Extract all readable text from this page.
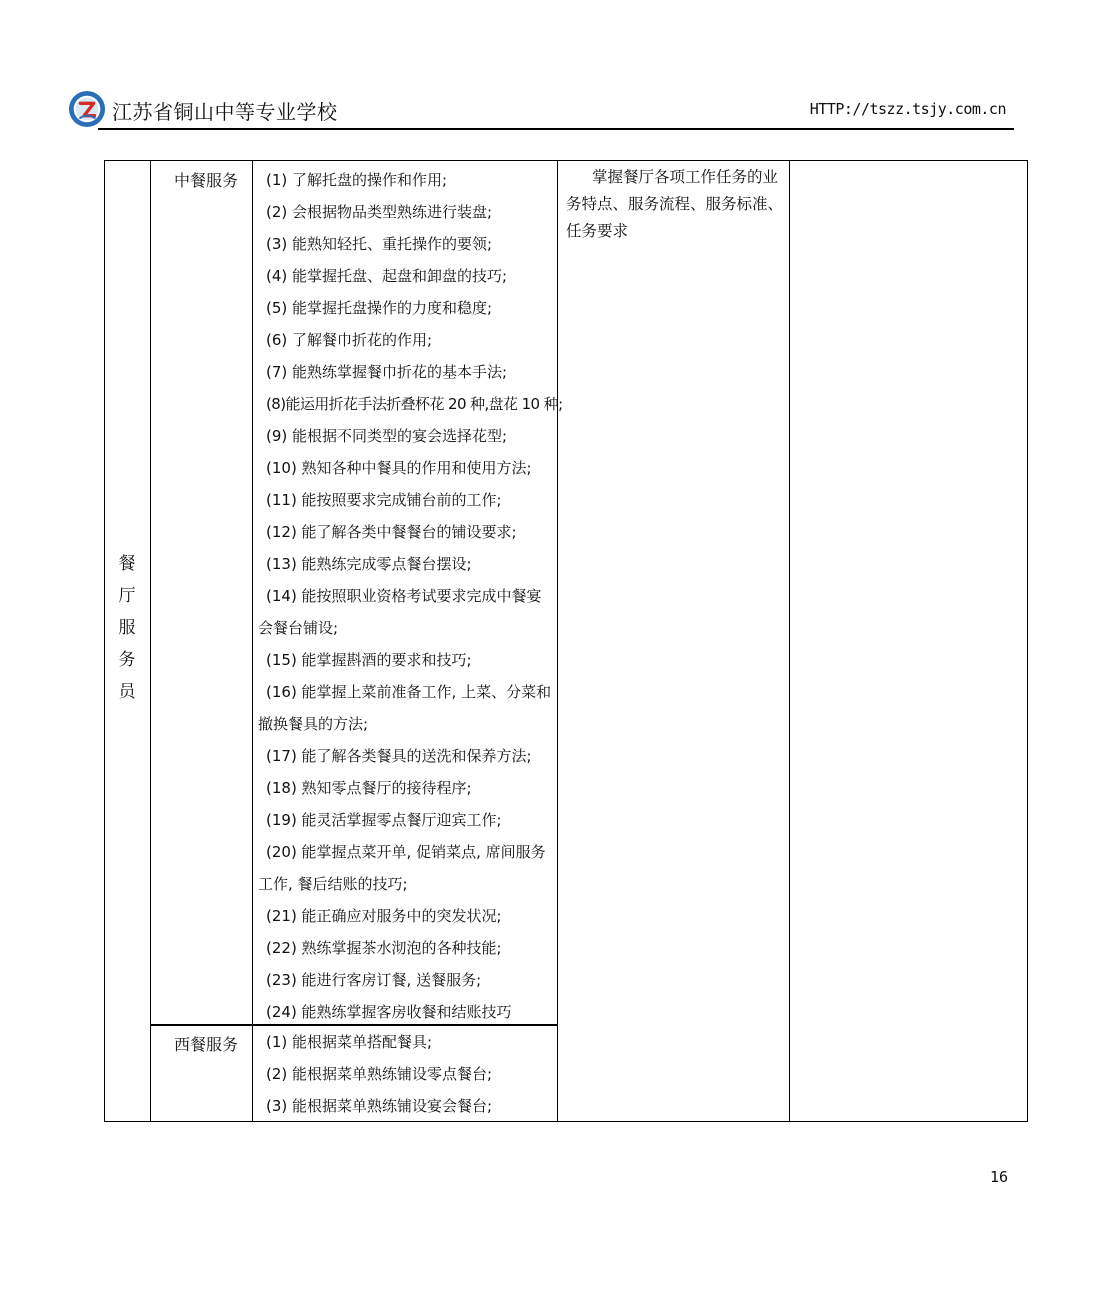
江苏省铜山中等专业学校	HTTP://tszz.tsjy.com.cn
餐
厅
服
务
员
中餐服务
西餐服务
(1) 了解托盘的操作和作用;
(2) 会根据物品类型熟练进行装盘;
(3) 能熟知轻托、重托操作的要领;
(4) 能掌握托盘、起盘和卸盘的技巧;
(5) 能掌握托盘操作的力度和稳度;
(6) 了解餐巾折花的作用;
(7) 能熟练掌握餐巾折花的基本手法;
(8)能运用折花手法折叠杯花 20 种,盘花 10 种;
(9) 能根据不同类型的宴会选择花型;
(10) 熟知各种中餐具的作用和使用方法;
(11) 能按照要求完成铺台前的工作;
(12) 能了解各类中餐餐台的铺设要求;
(13) 能熟练完成零点餐台摆设;
(14) 能按照职业资格考试要求完成中餐宴会餐台铺设;
(15) 能掌握斟酒的要求和技巧;
(16) 能掌握上菜前准备工作, 上菜、分菜和撤换餐具的方法;
(17) 能了解各类餐具的送洗和保养方法;
(18) 熟知零点餐厅的接待程序;
(19) 能灵活掌握零点餐厅迎宾工作;
(20) 能掌握点菜开单, 促销菜点, 席间服务工作, 餐后结账的技巧;
(21) 能正确应对服务中的突发状况;
(22) 熟练掌握茶水沏泡的各种技能;
(23) 能进行客房订餐, 送餐服务;
(24) 能熟练掌握客房收餐和结账技巧
(1) 能根据菜单搭配餐具;
(2) 能根据菜单熟练铺设零点餐台;
(3) 能根据菜单熟练铺设宴会餐台;
掌握餐厅各项工作任务的业务特点、服务流程、服务标准、任务要求
16
